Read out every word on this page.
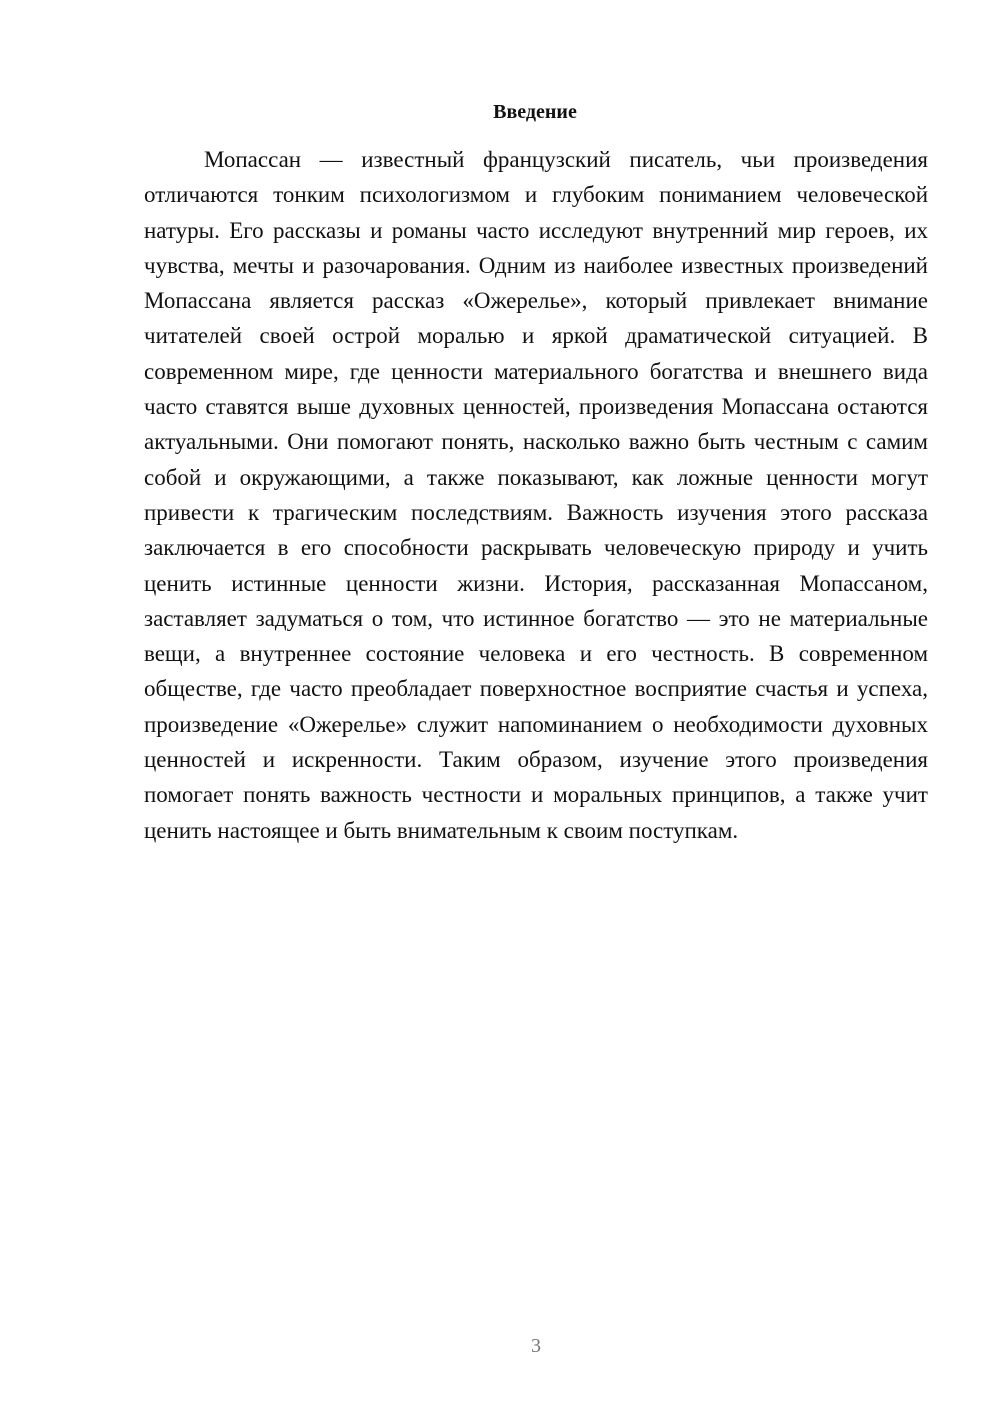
Введение

Мопассан — известный французский писатель, чьи произведения отличаются тонким психологизмом и глубоким пониманием человеческой натуры. Его рассказы и романы часто исследуют внутренний мир героев, их чувства, мечты и разочарования. Одним из наиболее известных произведений Мопассана является рассказ «Ожерелье», который привлекает внимание читателей своей острой моралью и яркой драматической ситуацией. В современном мире, где ценности материального богатства и внешнего вида часто ставятся выше духовных ценностей, произведения Мопассана остаются актуальными. Они помогают понять, насколько важно быть честным с самим собой и окружающими, а также показывают, как ложные ценности могут привести к трагическим последствиям. Важность изучения этого рассказа заключается в его способности раскрывать человеческую природу и учить ценить истинные ценности жизни. История, рассказанная Мопассаном, заставляет задуматься о том, что истинное богатство — это не материальные вещи, а внутреннее состояние человека и его честность. В современном обществе, где часто преобладает поверхностное восприятие счастья и успеха, произведение «Ожерелье» служит напоминанием о необходимости духовных ценностей и искренности. Таким образом, изучение этого произведения помогает понять важность честности и моральных принципов, а также учит ценить настоящее и быть внимательным к своим поступкам.

3
